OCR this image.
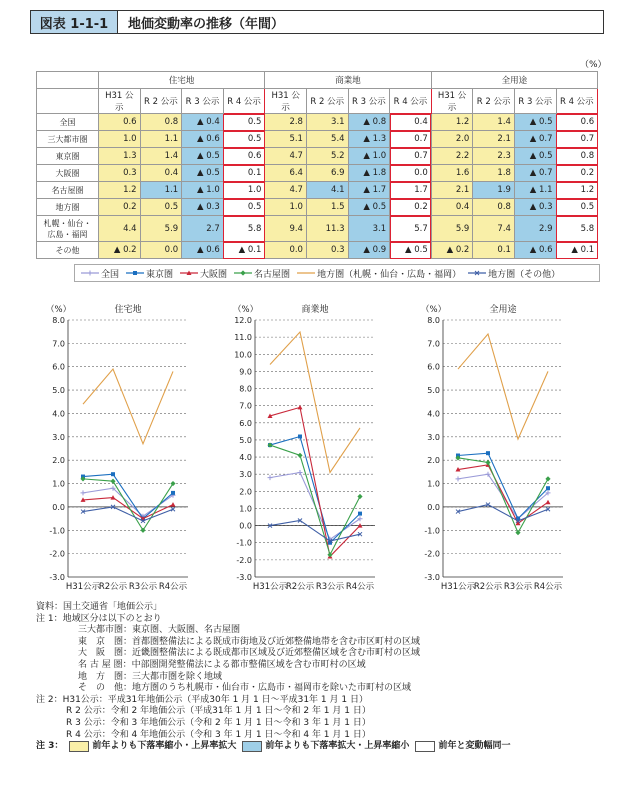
図表 1-1-1	地価変動率の推移（年間）
（%）
	住宅地				商業地				全用途			
	H31 公示	R 2 公示	R 3 公示	R 4 公示	H31 公示	R 2 公示	R 3 公示	R 4 公示	H31 公示	R 2 公示	R 3 公示	R 4 公示
全国	0.6	0.8	▲ 0.4	0.5	2.8	3.1	▲ 0.8	0.4	1.2	1.4	▲ 0.5	0.6
三大都市圏	1.0	1.1	▲ 0.6	0.5	5.1	5.4	▲ 1.3	0.7	2.0	2.1	▲ 0.7	0.7
東京圏	1.3	1.4	▲ 0.5	0.6	4.7	5.2	▲ 1.0	0.7	2.2	2.3	▲ 0.5	0.8
大阪圏	0.3	0.4	▲ 0.5	0.1	6.4	6.9	▲ 1.8	0.0	1.6	1.8	▲ 0.7	0.2
名古屋圏	1.2	1.1	▲ 1.0	1.0	4.7	4.1	▲ 1.7	1.7	2.1	1.9	▲ 1.1	1.2
地方圏	0.2	0.5	▲ 0.3	0.5	1.0	1.5	▲ 0.5	0.2	0.4	0.8	▲ 0.3	0.5
札幌・仙台・広島・福岡	4.4	5.9	2.7	5.8	9.4	11.3	3.1	5.7	5.9	7.4	2.9	5.8
その他	▲ 0.2	0.0	▲ 0.6	▲ 0.1	0.0	0.3	▲ 0.9	▲ 0.5	▲ 0.2	0.1	▲ 0.6	▲ 0.1
全国	東京圏	大阪圏	名古屋圏	地方圏（札幌・仙台・広島・福岡）	地方圏（その他）
8.0
7.0
6.0
5.0
4.0
3.0
2.0
1.0
0.0
-1.0
-2.0
-3.0
（%）	住宅地
H31公示
R2公示 R3公示 R4公示
12.0
11.0
10.0
9.0
8.0
7.0
6.0
5.0
4.0
3.0
2.0
1.0
0.0
-1.0
-2.0
-3.0
（%）	商業地
H31公示
R2公示 R3公示 R4公示
8.0
7.0
6.0
5.0
4.0
3.0
2.0
1.0
0.0
-1.0
-2.0
-3.0
（%）	全用途
H31公示
R2公示 R3公示 R4公示
資料：国土交通省「地価公示」
注 1：地域区分は以下のとおり
三大都市圏：東京圏、大阪圏、名古屋圏
東　京　圏：首都圏整備法による既成市街地及び近郊整備地帯を含む市区町村の区域
大　阪　圏：近畿圏整備法による既成都市区域及び近郊整備区域を含む市町村の区域
名 古 屋 圏：中部圏開発整備法による都市整備区域を含む市町村の区域
地　方　圏：三大都市圏を除く地域
そ　の　他：地方圏のうち札幌市・仙台市・広島市・福岡市を除いた市町村の区域
注 2：H31公示：平成31年地価公示（平成30年 1 月 1 日～平成31年 1 月 1 日）
R 2 公示：令和 2 年地価公示（平成31年 1 月 1 日～令和 2 年 1 月 1 日）
R 3 公示：令和 3 年地価公示（令和 2 年 1 月 1 日～令和 3 年 1 月 1 日）
R 4 公示：令和 4 年地価公示（令和 3 年 1 月 1 日～令和 4 年 1 月 1 日）
注 3：	前年よりも下落率縮小・上昇率拡大	前年よりも下落率拡大・上昇率縮小	前年と変動幅同一
